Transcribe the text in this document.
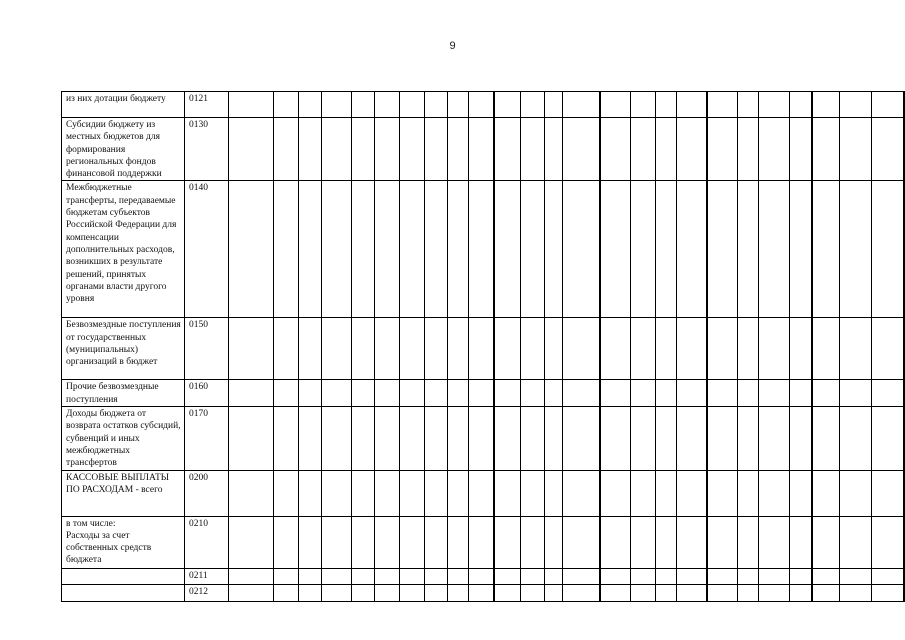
9
из них дотации бюджету	0121																									
Субсидии бюджету из местных бюджетов для формирования региональных фондов финансовой поддержки	0130																									
Межбюджетные трансферты, передаваемые бюджетам субъектов Российской Федерации для компенсации дополнительных расходов, возникших в результате решений, принятых органами власти другого уровня	0140																									
Безвозмездные поступления от государственных (муниципальных) организаций в бюджет	0150																									
Прочие безвозмездные поступления	0160																									
Доходы бюджета от возврата остатков субсидий, субвенций и иных межбюджетных трансфертов	0170																									
КАССОВЫЕ ВЫПЛАТЫ ПО РАСХОДАМ - всего	0200																									
в том числе:
Расходы за счет собственных средств бюджета	0210																									
	0211																									
	0212																									
